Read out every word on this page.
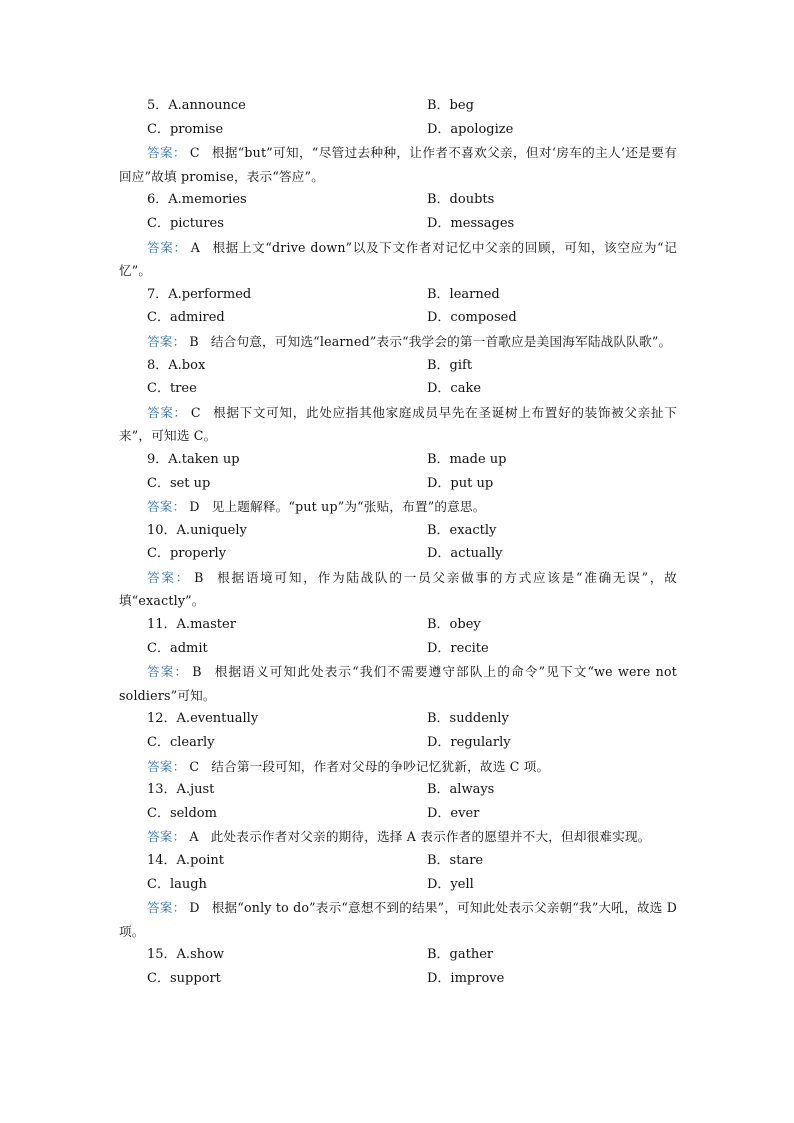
5．A.announce	B．beg
C．promise	D．apologize
答案： C 根据“but”可知，“尽管过去种种，让作者不喜欢父亲，但对‘房车的主人’还是要有回应”故填 promise，表示“答应”。
6．A.memories	B．doubts
C．pictures	D．messages
答案： A 根据上文“drive down”以及下文作者对记忆中父亲的回顾，可知，该空应为“记忆”。
7．A.performed	B．learned
C．admired	D．composed
答案： B 结合句意，可知选“learned”表示“我学会的第一首歌应是美国海军陆战队队歌”。
8．A.box	B．gift
C．tree	D．cake
答案： C 根据下文可知，此处应指其他家庭成员早先在圣诞树上布置好的装饰被父亲扯下来”，可知选 C。
9．A.taken up	B．made up
C．set up	D．put up
答案： D 见上题解释。“put up”为“张贴，布置”的意思。
10．A.uniquely	B．exactly
C．properly	D．actually
答案： B 根据语境可知，作为陆战队的一员父亲做事的方式应该是“准确无误”，故填“exactly”。
11．A.master	B．obey
C．admit	D．recite
答案： B 根据语义可知此处表示“我们不需要遵守部队上的命令”见下文“we were not soldiers”可知。
12．A.eventually	B．suddenly
C．clearly	D．regularly
答案： C 结合第一段可知，作者对父母的争吵记忆犹新，故选 C 项。
13．A.just	B．always
C．seldom	D．ever
答案： A 此处表示作者对父亲的期待，选择 A 表示作者的愿望并不大，但却很难实现。
14．A.point	B．stare
C．laugh	D．yell
答案： D 根据“only to do”表示“意想不到的结果”，可知此处表示父亲朝“我”大吼，故选 D 项。
15．A.show	B．gather
C．support	D．improve
